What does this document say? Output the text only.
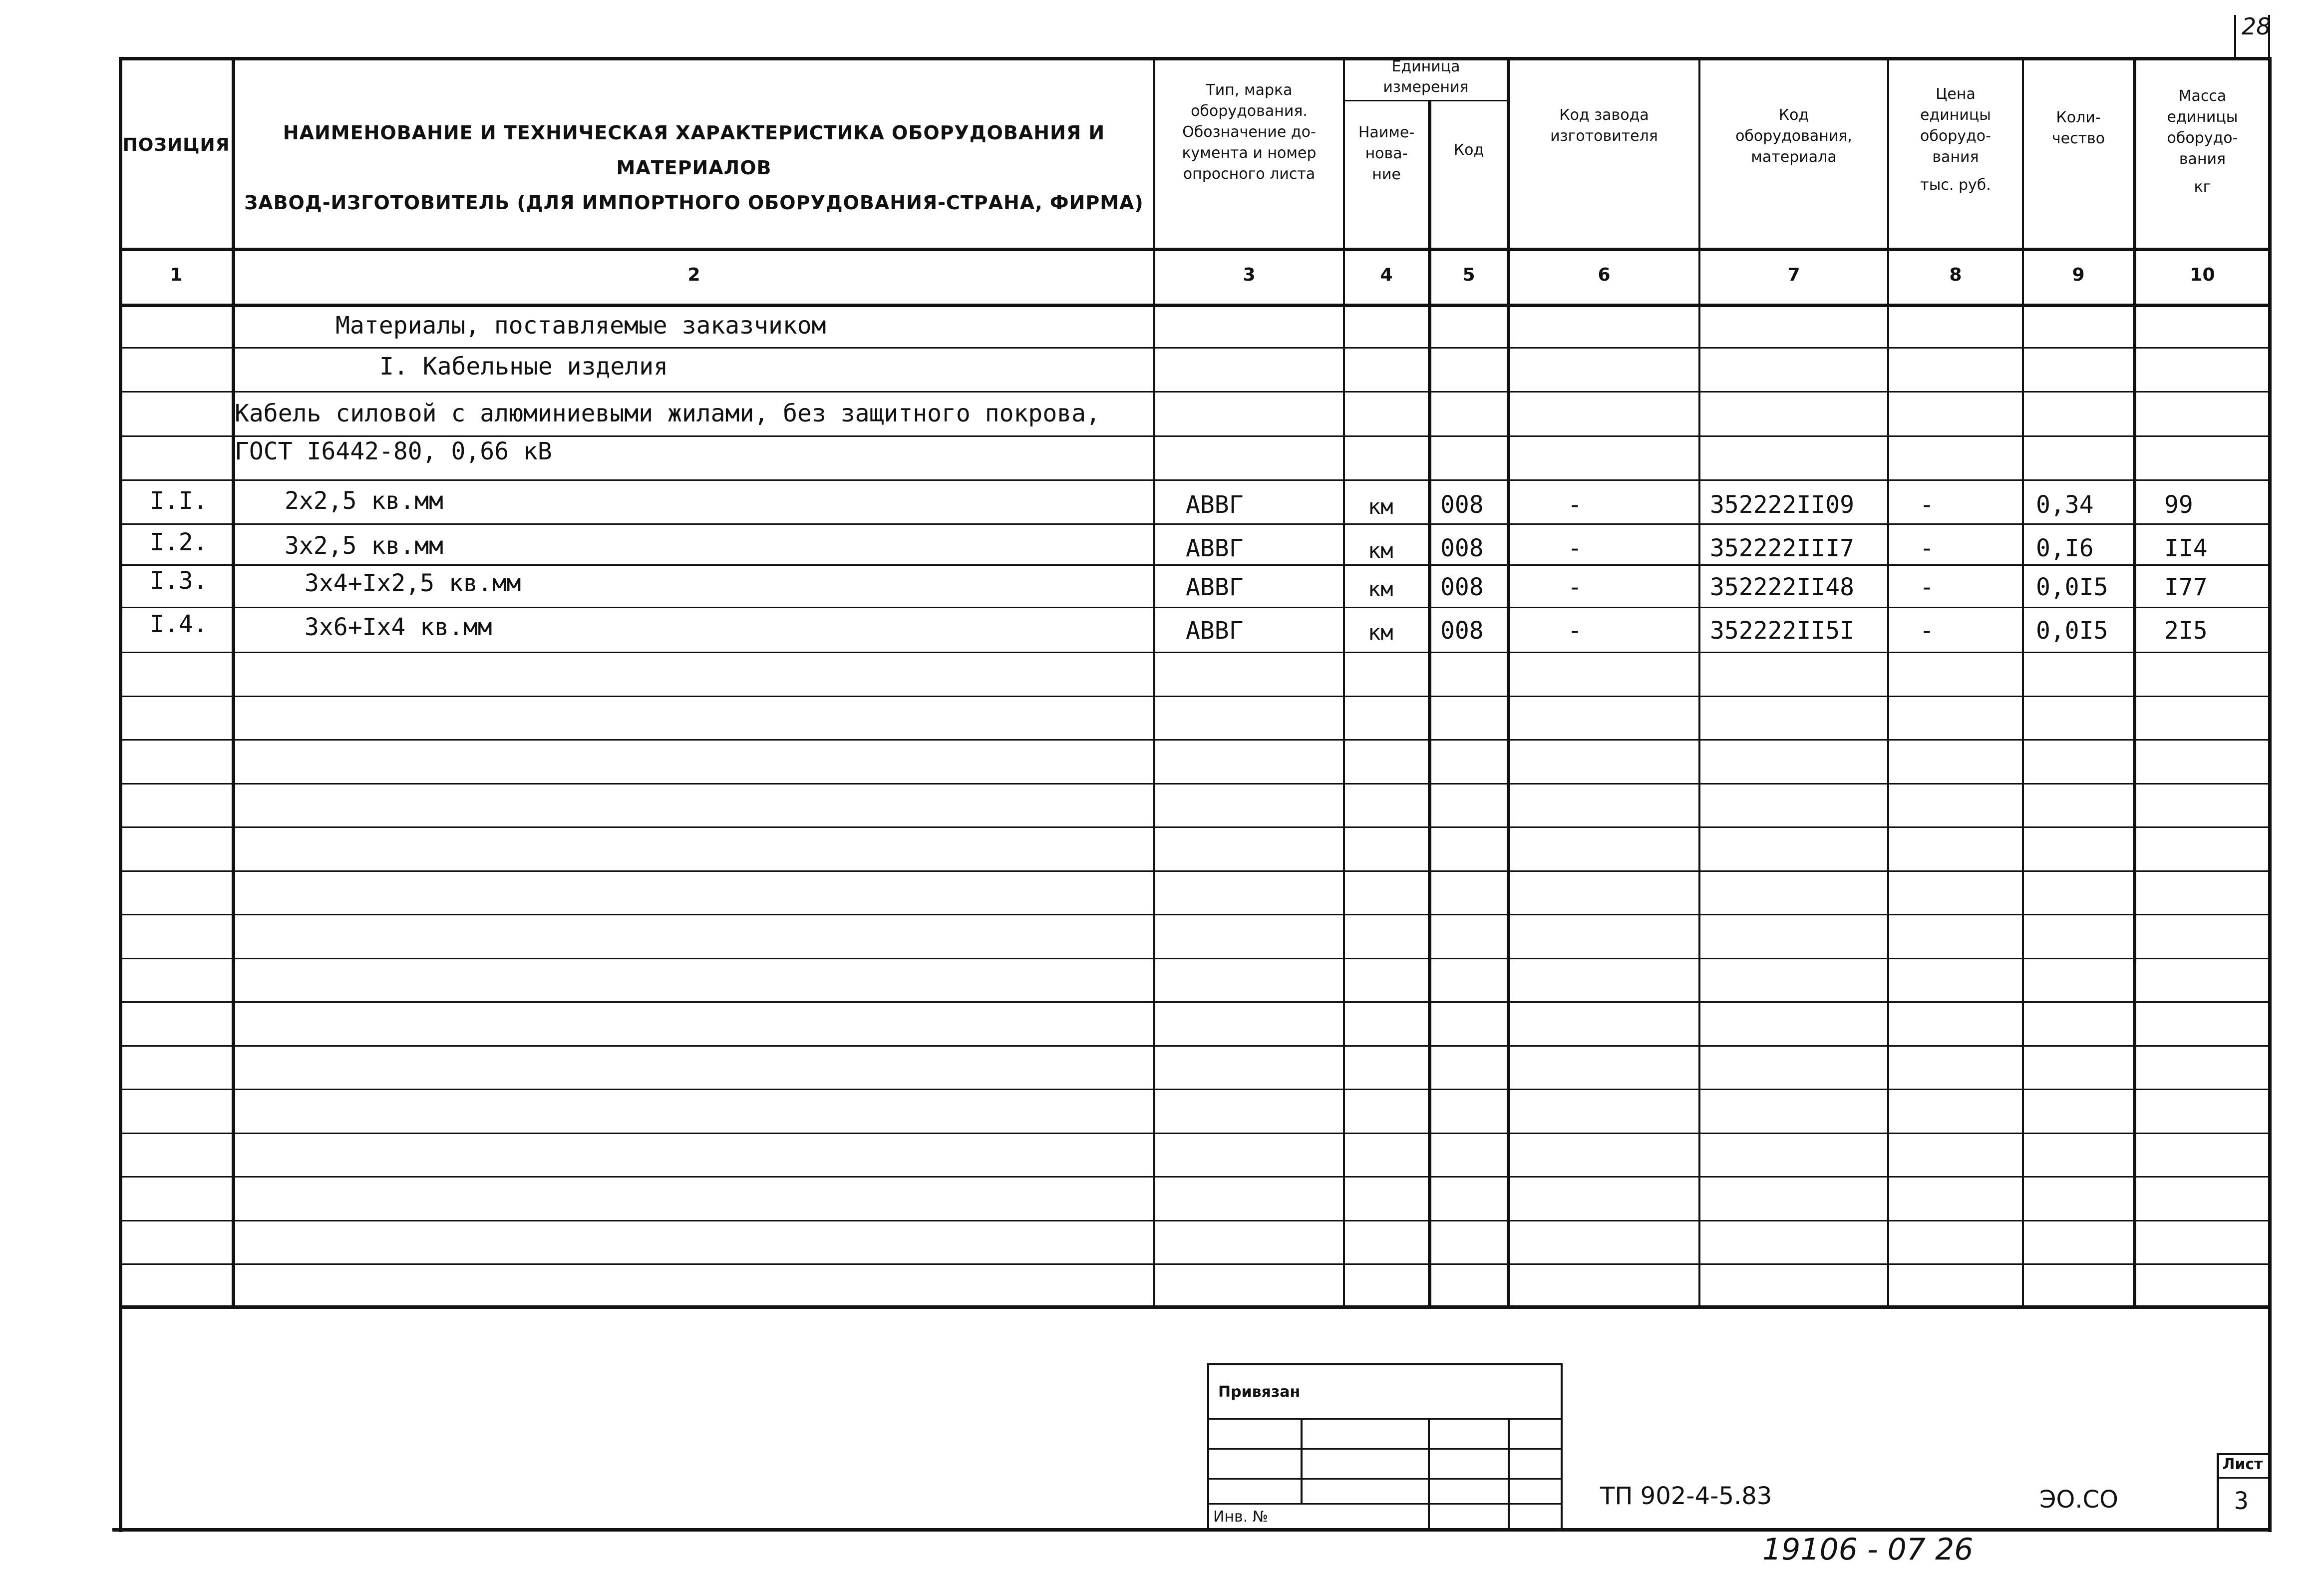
ПОЗИЦИЯ
НАИМЕНОВАНИЕ И ТЕХНИЧЕСКАЯ ХАРАКТЕРИСТИКА ОБОРУДОВАНИЯ И
МАТЕРИАЛОВ
ЗАВОД-ИЗГОТОВИТЕЛЬ (ДЛЯ ИМПОРТНОГО ОБОРУДОВАНИЯ-СТРАНА, ФИРМА)
Тип, марка
оборудования.
Обозначение до-
кумента и номер
опросного листа
Единица
измерения
Наиме-
нова-
ние
Код
Код завода
изготовителя
Код
оборудования,
материала
Цена
единицы
оборудо-
вания
тыс. руб.
Коли-
чество
Масса
единицы
оборудо-
вания
кг
1	2	3	4	5	6	7	8	9	10
Материалы, поставляемые заказчиком
I. Кабельные изделия
Кабель силовой с алюминиевыми жилами, без защитного покрова,
ГОСТ I6442-80, 0,66 кВ
I.I.	2х2,5 кв.мм	АВВГ	км 008	-	352222II09	-	0,34	99
I.2.	3х2,5 кв.мм	АВВГ	км 008	-	352222III7	-	0,I6	II4
I.3.	3х4+Iх2,5 кв.мм	АВВГ	км 008	-	352222II48	-	0,0I5 I77
I.4.	3х6+Iх4 кв.мм	АВВГ	км 008	-	352222II5I	-	0,0I5 2I5
Привязан
Инв. №
Лист
3
ТП 902-4-5.83	ЭО.СО
19106 - 07 26
28
